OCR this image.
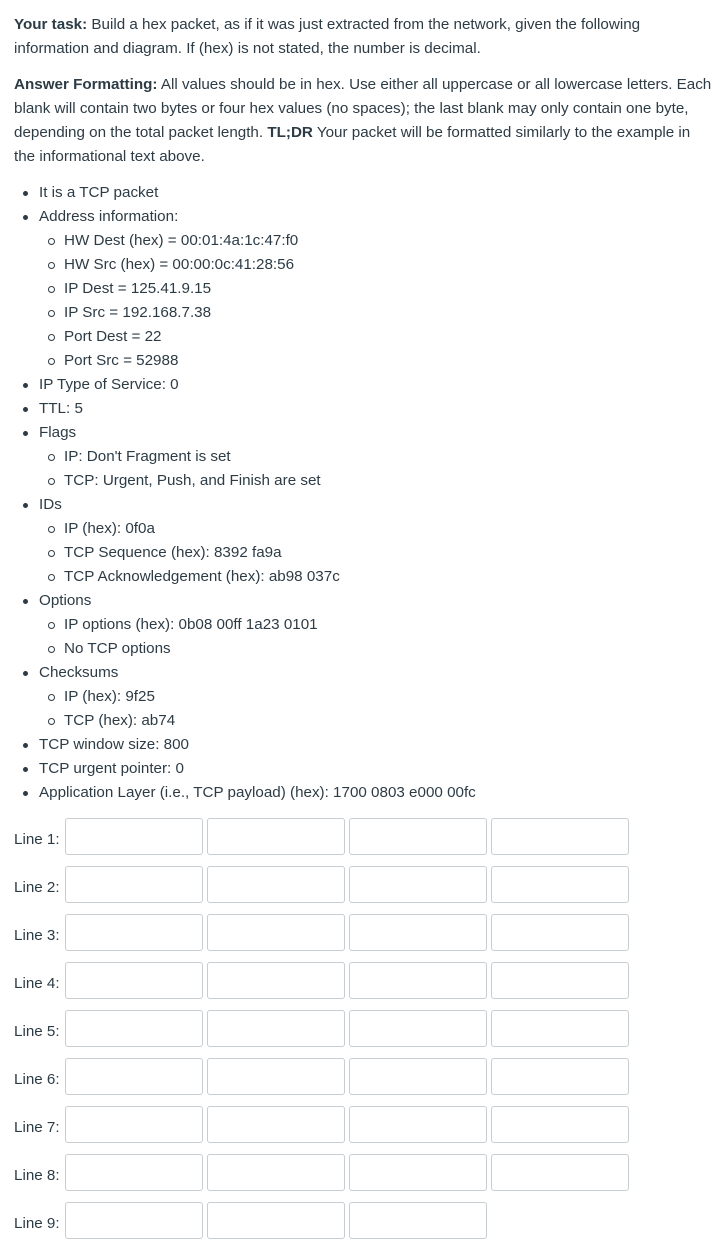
Your task: Build a hex packet, as if it was just extracted from the network, given the following information and diagram. If (hex) is not stated, the number is decimal.

Answer Formatting: All values should be in hex. Use either all uppercase or all lowercase letters. Each blank will contain two bytes or four hex values (no spaces); the last blank may only contain one byte, depending on the total packet length. TL;DR Your packet will be formatted similarly to the example in the informational text above.

It is a TCP packet
Address information:
HW Dest (hex) = 00:01:4a:1c:47:f0
HW Src (hex) = 00:00:0c:41:28:56
IP Dest = 125.41.9.15
IP Src = 192.168.7.38
Port Dest = 22
Port Src = 52988
IP Type of Service: 0
TTL: 5
Flags
IP: Don't Fragment is set
TCP: Urgent, Push, and Finish are set
IDs
IP (hex): 0f0a
TCP Sequence (hex): 8392 fa9a
TCP Acknowledgement (hex): ab98 037c
Options
IP options (hex): 0b08 00ff 1a23 0101
No TCP options
Checksums
IP (hex): 9f25
TCP (hex): ab74
TCP window size: 800
TCP urgent pointer: 0
Application Layer (i.e., TCP payload) (hex): 1700 0803 e000 00fc
Line 1:
Line 2:
Line 3:
Line 4:
Line 5:
Line 6:
Line 7:
Line 8:
Line 9:
